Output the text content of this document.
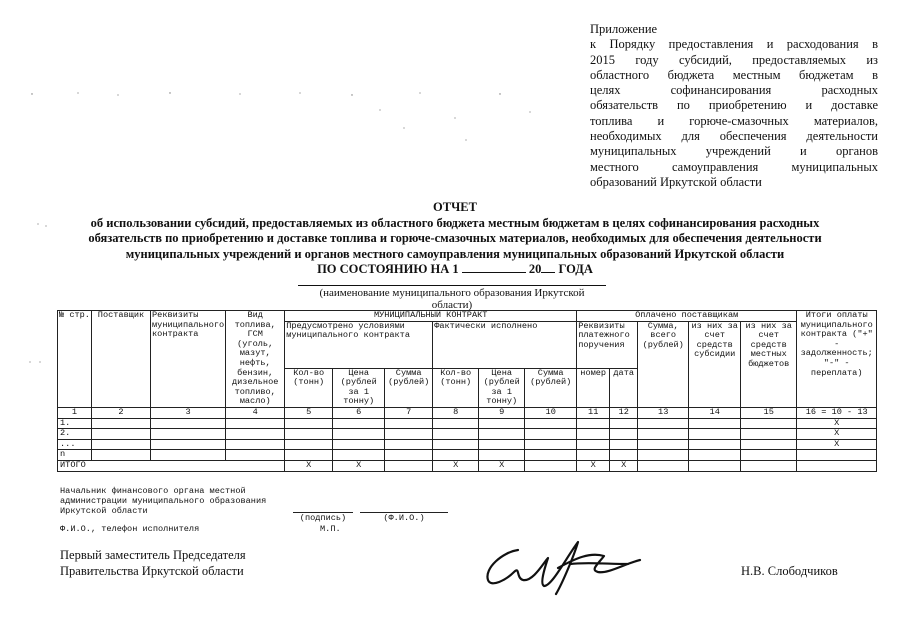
Приложение
к Порядку предоставления и расходования в
2015 году субсидий, предоставляемых из
областного бюджета местным бюджетам в
целях софинансирования расходных
обязательств по приобретению и доставке
топлива и горюче-смазочных материалов,
необходимых для обеспечения деятельности
муниципальных учреждений и органов
местного самоуправления муниципальных
образований Иркутской области
ОТЧЕТ
об использовании субсидий, предоставляемых из областного бюджета местным бюджетам в целях софинансирования расходных
обязательств по приобретению и доставке топлива и горюче-смазочных материалов, необходимых для обеспечения деятельности
муниципальных учреждений и органов местного самоуправления муниципальных образований Иркутской области
ПО СОСТОЯНИЮ НА 1	20 ГОДА
(наименование муниципального образования Иркутской области)
№ стр.	Поставщик	Реквизиты муниципального контракта	Вид топлива, ГСМ (уголь, мазут, нефть, бензин, дизельное топливо, масло)	МУНИЦИПАЛЬНЫЙ КОНТРАКТ						Оплачено поставщикам					Итоги оплаты муниципального контракта ("+" - задолженность; "-" - переплата)
				Предусмотрено условиями муниципального контракта			Фактически исполнено			Реквизиты платежного поручения		Сумма, всего (рублей)	из них за счет средств субсидии	из них за счет средств местных бюджетов	
				Кол-во (тонн)	Цена (рублей за 1 тонну)	Сумма (рублей)	Кол-во (тонн)	Цена (рублей за 1 тонну)	Сумма (рублей)	номер	дата				
1	2	3	4	5	6	7	8	9	10	11	12	13	14	15	16 = 10 - 13
1.															X
2.															X
...															X
n															
ИТОГО				X	X		X	X		X	X				
Начальник финансового органа местной
администрации муниципального образования
Иркутской области
(подпись)	(Ф.И.О.)
М.П.
Ф.И.О., телефон исполнителя
Первый заместитель Председателя
Правительства Иркутской области	Н.В. Слободчиков
